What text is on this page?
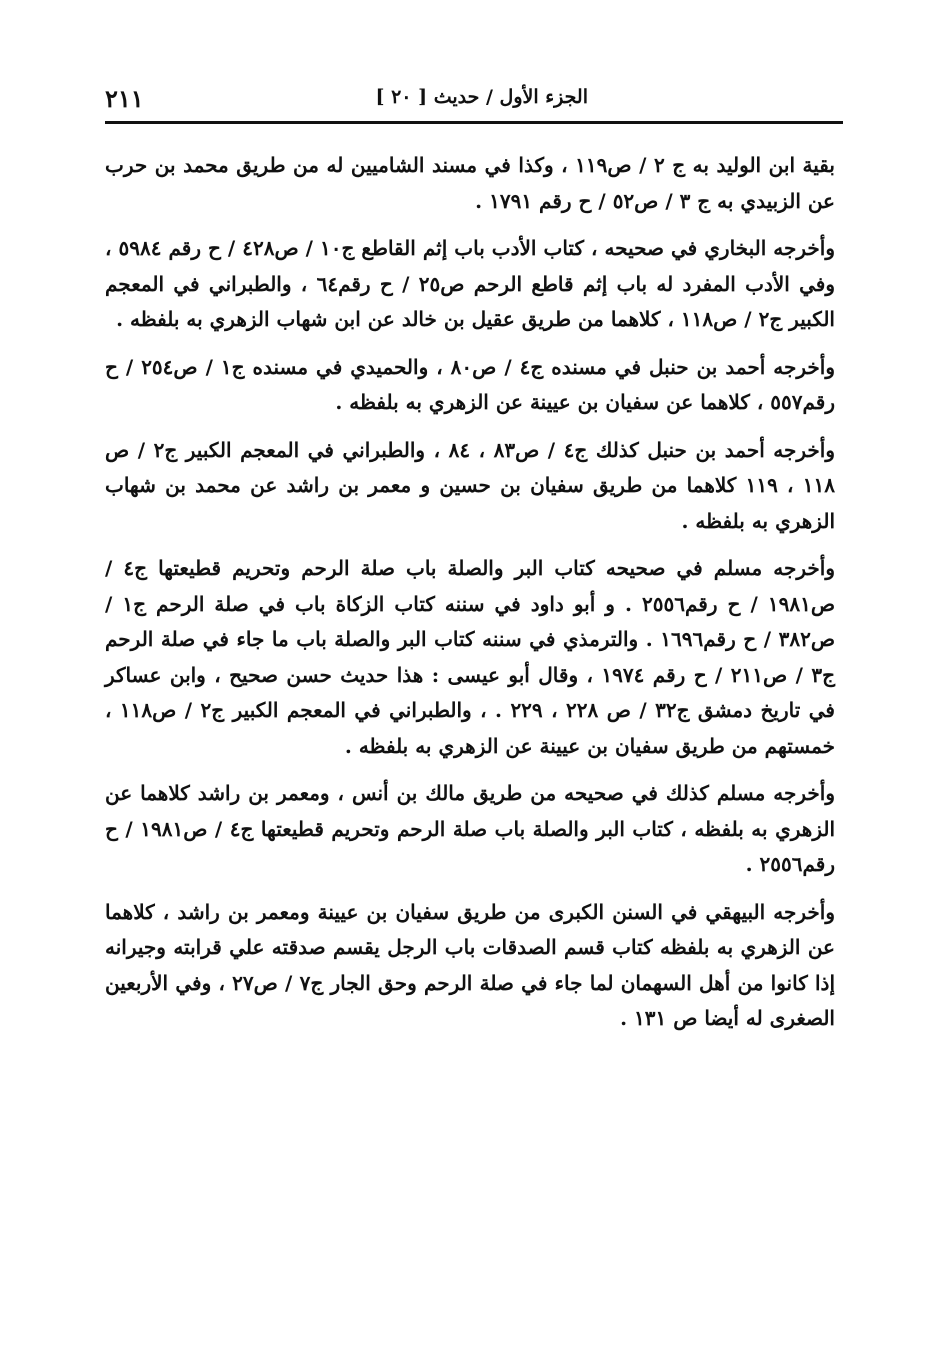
الجزء الأول / حديث [ ٢٠ ]
٢١١

بقية ابن الوليد به ج ٢ / ص١١٩ ، وكذا في مسند الشاميين له من طريق محمد بن حرب عن الزبيدي به ج ٣ / ص٥٢ / ح رقم ١٧٩١ .

وأخرجه البخاري في صحيحه ، كتاب الأدب باب إثم القاطع ج١٠ / ص٤٢٨ / ح رقم ٥٩٨٤ ، وفي الأدب المفرد له باب إثم قاطع الرحم ص٢٥ / ح رقم٦٤ ، والطبراني في المعجم الكبير ج٢ / ص١١٨ ، كلاهما من طريق عقيل بن خالد عن ابن شهاب الزهري به بلفظه .

وأخرجه أحمد بن حنبل في مسنده ج٤ / ص٨٠ ، والحميدي في مسنده ج١ / ص٢٥٤ / ح رقم٥٥٧ ، كلاهما عن سفيان بن عيينة عن الزهري به بلفظه .

وأخرجه أحمد بن حنبل كذلك ج٤ / ص٨٣ ، ٨٤ ، والطبراني في المعجم الكبير ج٢ / ص ١١٨ ، ١١٩ كلاهما من طريق سفيان بن حسين و معمر بن راشد عن محمد بن شهاب الزهري به بلفظه .

وأخرجه مسلم في صحيحه كتاب البر والصلة باب صلة الرحم وتحريم قطيعتها ج٤ / ص١٩٨١ / ح رقم٢٥٥٦ . و أبو داود في سننه كتاب الزكاة باب في صلة الرحم ج١ / ص٣٨٢ / ح رقم١٦٩٦ . والترمذي في سننه كتاب البر والصلة باب ما جاء في صلة الرحم ج٣ / ص٢١١ / ح رقم ١٩٧٤ ، وقال أبو عيسى : هذا حديث حسن صحيح ، وابن عساكر في تاريخ دمشق ج٣٢ / ص ٢٢٨ ، ٢٢٩ . ، والطبراني في المعجم الكبير ج٢ / ص١١٨ ، خمستهم من طريق سفيان بن عيينة عن الزهري به بلفظه .

وأخرجه مسلم كذلك في صحيحه من طريق مالك بن أنس ، ومعمر بن راشد كلاهما عن الزهري به بلفظه ، كتاب البر والصلة باب صلة الرحم وتحريم قطيعتها ج٤ / ص١٩٨١ / ح رقم٢٥٥٦ .

وأخرجه البيهقي في السنن الكبرى من طريق سفيان بن عيينة ومعمر بن راشد ، كلاهما عن الزهري به بلفظه كتاب قسم الصدقات باب الرجل يقسم صدقته علي قرابته وجيرانه إذا كانوا من أهل السهمان لما جاء في صلة الرحم وحق الجار ج٧ / ص٢٧ ، وفي الأربعين الصغرى له أيضا ص ١٣١ .
